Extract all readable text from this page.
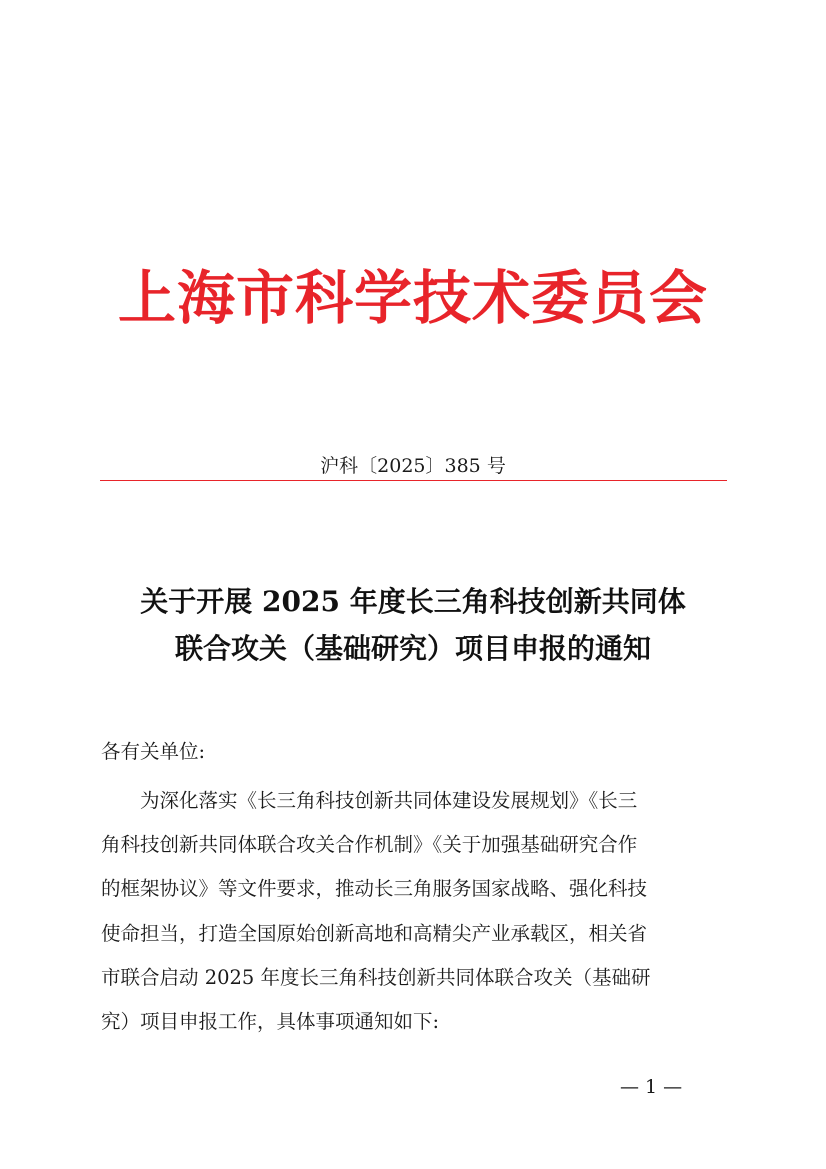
上海市科学技术委员会
沪科〔2025〕385 号
关于开展 2025 年度长三角科技创新共同体
联合攻关（基础研究）项目申报的通知
各有关单位:
　　为深化落实《长三角科技创新共同体建设发展规划》《长三
角科技创新共同体联合攻关合作机制》《关于加强基础研究合作
的框架协议》等文件要求，推动长三角服务国家战略、强化科技
使命担当，打造全国原始创新高地和高精尖产业承载区，相关省
市联合启动 2025 年度长三角科技创新共同体联合攻关（基础研
究）项目申报工作，具体事项通知如下:
— 1 —
